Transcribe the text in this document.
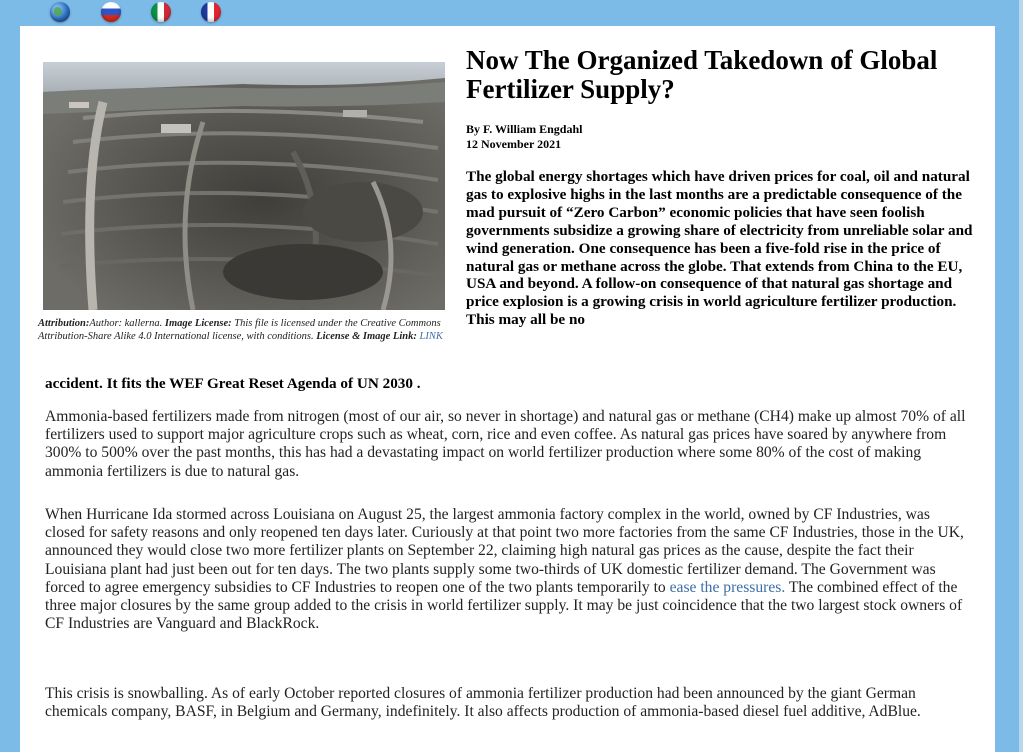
Attribution:Author: kallerna. Image License: This file is licensed under the Creative Commons Attribution-Share Alike 4.0 International license, with conditions. License & Image Link: LINK
Now The Organized Takedown of Global Fertilizer Supply?
By F. William Engdahl
12 November 2021
The global energy shortages which have driven prices for coal, oil and natural gas to explosive highs in the last months are a predictable consequence of the mad pursuit of “Zero Carbon” economic policies that have seen foolish governments subsidize a growing share of electricity from unreliable solar and wind generation. One consequence has been a five-fold rise in the price of natural gas or methane across the globe. That extends from China to the EU, USA and beyond. A follow-on consequence of that natural gas shortage and price explosion is a growing crisis in world agriculture fertilizer production. This may all be no
accident. It fits the WEF Great Reset Agenda of UN 2030 .

Ammonia-based fertilizers made from nitrogen (most of our air, so never in shortage) and natural gas or methane (CH4) make up almost 70% of all fertilizers used to support major agriculture crops such as wheat, corn, rice and even coffee. As natural gas prices have soared by anywhere from 300% to 500% over the past months, this has had a devastating impact on world fertilizer production where some 80% of the cost of making ammonia fertilizers is due to natural gas.

When Hurricane Ida stormed across Louisiana on August 25, the largest ammonia factory complex in the world, owned by CF Industries, was closed for safety reasons and only reopened ten days later. Curiously at that point two more factories from the same CF Industries, those in the UK, announced they would close two more fertilizer plants on September 22, claiming high natural gas prices as the cause, despite the fact their Louisiana plant had just been out for ten days. The two plants supply some two-thirds of UK domestic fertilizer demand. The Government was forced to agree emergency subsidies to CF Industries to reopen one of the two plants temporarily to ease the pressures. The combined effect of the three major closures by the same group added to the crisis in world fertilizer supply. It may be just coincidence that the two largest stock owners of CF Industries are Vanguard and BlackRock.

This crisis is snowballing. As of early October reported closures of ammonia fertilizer production had been announced by the giant German chemicals company, BASF, in Belgium and Germany, indefinitely. It also affects production of ammonia-based diesel fuel additive, AdBlue.
